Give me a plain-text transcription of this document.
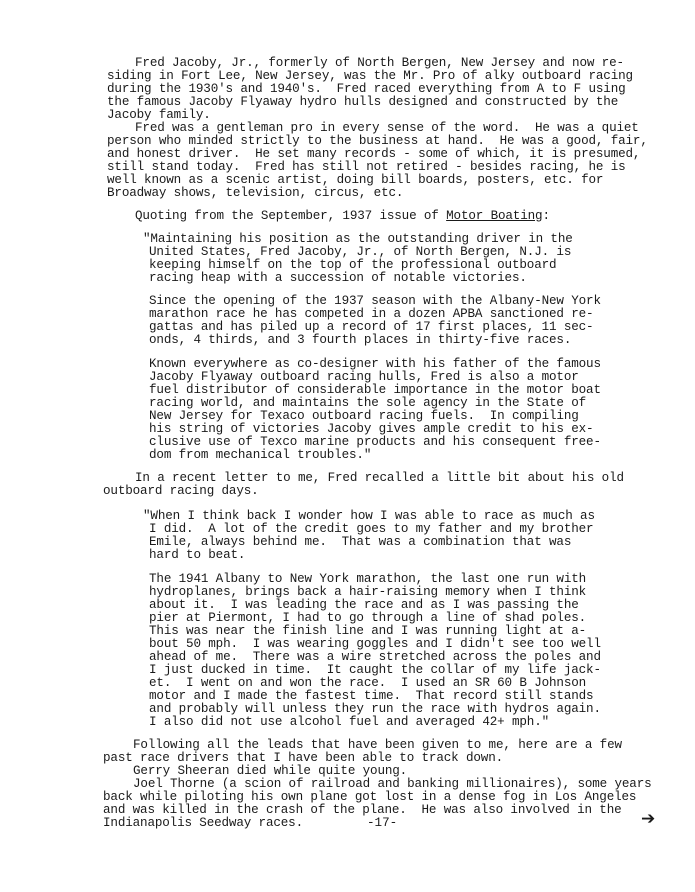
Fred Jacoby, Jr., formerly of North Bergen, New Jersey and now re-
siding in Fort Lee, New Jersey, was the Mr. Pro of alky outboard racing
during the 1930's and 1940's.  Fred raced everything from A to F using
the famous Jacoby Flyaway hydro hulls designed and constructed by the
Jacoby family.
Fred was a gentleman pro in every sense of the word.  He was a quiet
person who minded strictly to the business at hand.  He was a good, fair,
and honest driver.  He set many records - some of which, it is presumed,
still stand today.  Fred has still not retired - besides racing, he is
well known as a scenic artist, doing bill boards, posters, etc. for
Broadway shows, television, circus, etc.
Quoting from the September, 1937 issue of Motor Boating:
"Maintaining his position as the outstanding driver in the
United States, Fred Jacoby, Jr., of North Bergen, N.J. is
keeping himself on the top of the professional outboard
racing heap with a succession of notable victories.
Since the opening of the 1937 season with the Albany-New York
marathon race he has competed in a dozen APBA sanctioned re-
gattas and has piled up a record of 17 first places, 11 sec-
onds, 4 thirds, and 3 fourth places in thirty-five races.
Known everywhere as co-designer with his father of the famous
Jacoby Flyaway outboard racing hulls, Fred is also a motor
fuel distributor of considerable importance in the motor boat
racing world, and maintains the sole agency in the State of
New Jersey for Texaco outboard racing fuels.  In compiling
his string of victories Jacoby gives ample credit to his ex-
clusive use of Texco marine products and his consequent free-
dom from mechanical troubles."
In a recent letter to me, Fred recalled a little bit about his old
outboard racing days.
"When I think back I wonder how I was able to race as much as
I did.  A lot of the credit goes to my father and my brother
Emile, always behind me.  That was a combination that was
hard to beat.
The 1941 Albany to New York marathon, the last one run with
hydroplanes, brings back a hair-raising memory when I think
about it.  I was leading the race and as I was passing the
pier at Piermont, I had to go through a line of shad poles.
This was near the finish line and I was running light at a-
bout 50 mph.  I was wearing goggles and I didn't see too well
ahead of me.  There was a wire stretched across the poles and
I just ducked in time.  It caught the collar of my life jack-
et.  I went on and won the race.  I used an SR 60 B Johnson
motor and I made the fastest time.  That record still stands
and probably will unless they run the race with hydros again.
I also did not use alcohol fuel and averaged 42+ mph."
Following all the leads that have been given to me, here are a few
past race drivers that I have been able to track down.
Gerry Sheeran died while quite young.
Joel Thorne (a scion of railroad and banking millionaires), some years
back while piloting his own plane got lost in a dense fog in Los Angeles
and was killed in the crash of the plane.  He was also involved in the
Indianapolis Seedway races.	-17-	➔
